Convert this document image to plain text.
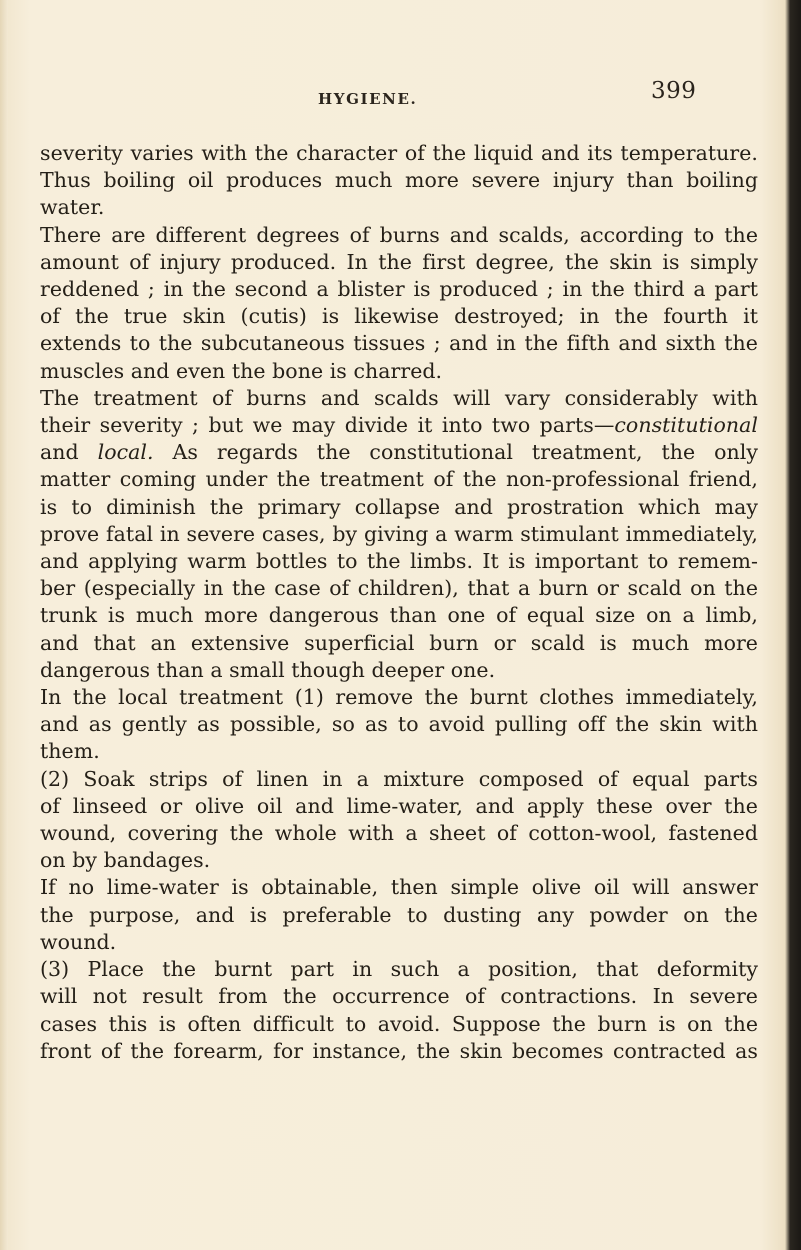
HYGIENE.	399
severity varies with the character of the liquid and its temperature.
Thus boiling oil produces much more severe injury than boiling
water.
There are different degrees of burns and scalds, according to the
amount of injury produced. In the first degree, the skin is simply
reddened ; in the second a blister is produced ; in the third a part
of the true skin (cutis) is likewise destroyed; in the fourth it
extends to the subcutaneous tissues ; and in the fifth and sixth the
muscles and even the bone is charred.
The treatment of burns and scalds will vary considerably with
their severity ; but we may divide it into two parts—constitutional
and local. As regards the constitutional treatment, the only
matter coming under the treatment of the non-professional friend,
is to diminish the primary collapse and prostration which may
prove fatal in severe cases, by giving a warm stimulant immediately,
and applying warm bottles to the limbs. It is important to remem-
ber (especially in the case of children), that a burn or scald on the
trunk is much more dangerous than one of equal size on a limb,
and that an extensive superficial burn or scald is much more
dangerous than a small though deeper one.
In the local treatment (1) remove the burnt clothes immediately,
and as gently as possible, so as to avoid pulling off the skin with
them.
(2) Soak strips of linen in a mixture composed of equal parts
of linseed or olive oil and lime-water, and apply these over the
wound, covering the whole with a sheet of cotton-wool, fastened
on by bandages.
If no lime-water is obtainable, then simple olive oil will answer
the purpose, and is preferable to dusting any powder on the
wound.
(3) Place the burnt part in such a position, that deformity
will not result from the occurrence of contractions. In severe
cases this is often difficult to avoid. Suppose the burn is on the
front of the forearm, for instance, the skin becomes contracted as
